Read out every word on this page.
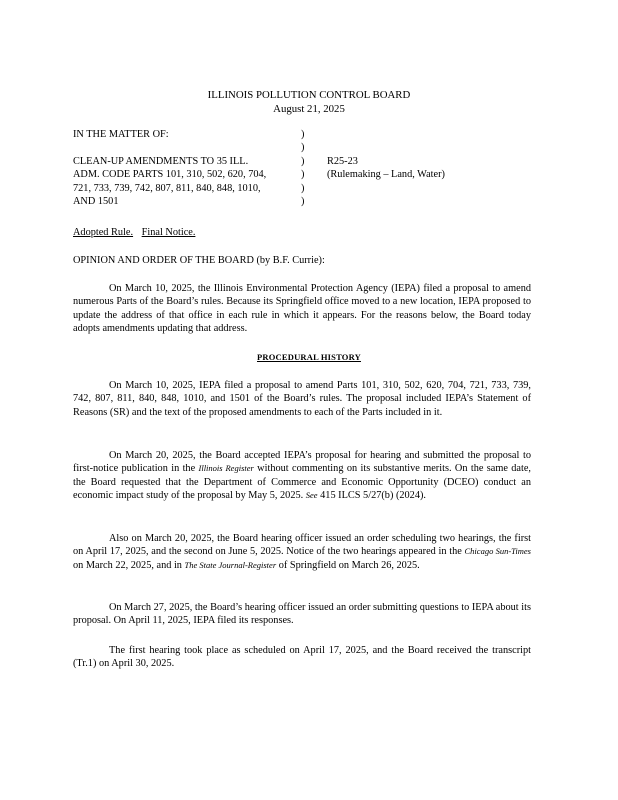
ILLINOIS POLLUTION CONTROL BOARD
August 21, 2025
IN THE MATTER OF:	)

)
CLEAN-UP AMENDMENTS TO 35 ILL.	)	R25-23
ADM. CODE PARTS 101, 310, 502, 620, 704,	)	(Rulemaking – Land, Water)
721, 733, 739, 742, 807, 811, 840, 848, 1010,	)
AND 1501	)
Adopted Rule. Final Notice.
OPINION AND ORDER OF THE BOARD (by B.F. Currie):
On March 10, 2025, the Illinois Environmental Protection Agency (IEPA) filed a proposal to amend numerous Parts of the Board’s rules. Because its Springfield office moved to a new location, IEPA proposed to update the address of that office in each rule in which it appears. For the reasons below, the Board today adopts amendments updating that address.
PROCEDURAL HISTORY
On March 10, 2025, IEPA filed a proposal to amend Parts 101, 310, 502, 620, 704, 721, 733, 739, 742, 807, 811, 840, 848, 1010, and 1501 of the Board’s rules. The proposal included IEPA’s Statement of Reasons (SR) and the text of the proposed amendments to each of the Parts included in it.
On March 20, 2025, the Board accepted IEPA’s proposal for hearing and submitted the proposal to first-notice publication in the Illinois Register without commenting on its substantive merits. On the same date, the Board requested that the Department of Commerce and Economic Opportunity (DCEO) conduct an economic impact study of the proposal by May 5, 2025. See 415 ILCS 5/27(b) (2024).
Also on March 20, 2025, the Board hearing officer issued an order scheduling two hearings, the first on April 17, 2025, and the second on June 5, 2025. Notice of the two hearings appeared in the Chicago Sun-Times on March 22, 2025, and in The State Journal-Register of Springfield on March 26, 2025.
On March 27, 2025, the Board’s hearing officer issued an order submitting questions to IEPA about its proposal. On April 11, 2025, IEPA filed its responses.
The first hearing took place as scheduled on April 17, 2025, and the Board received the transcript (Tr.1) on April 30, 2025.
